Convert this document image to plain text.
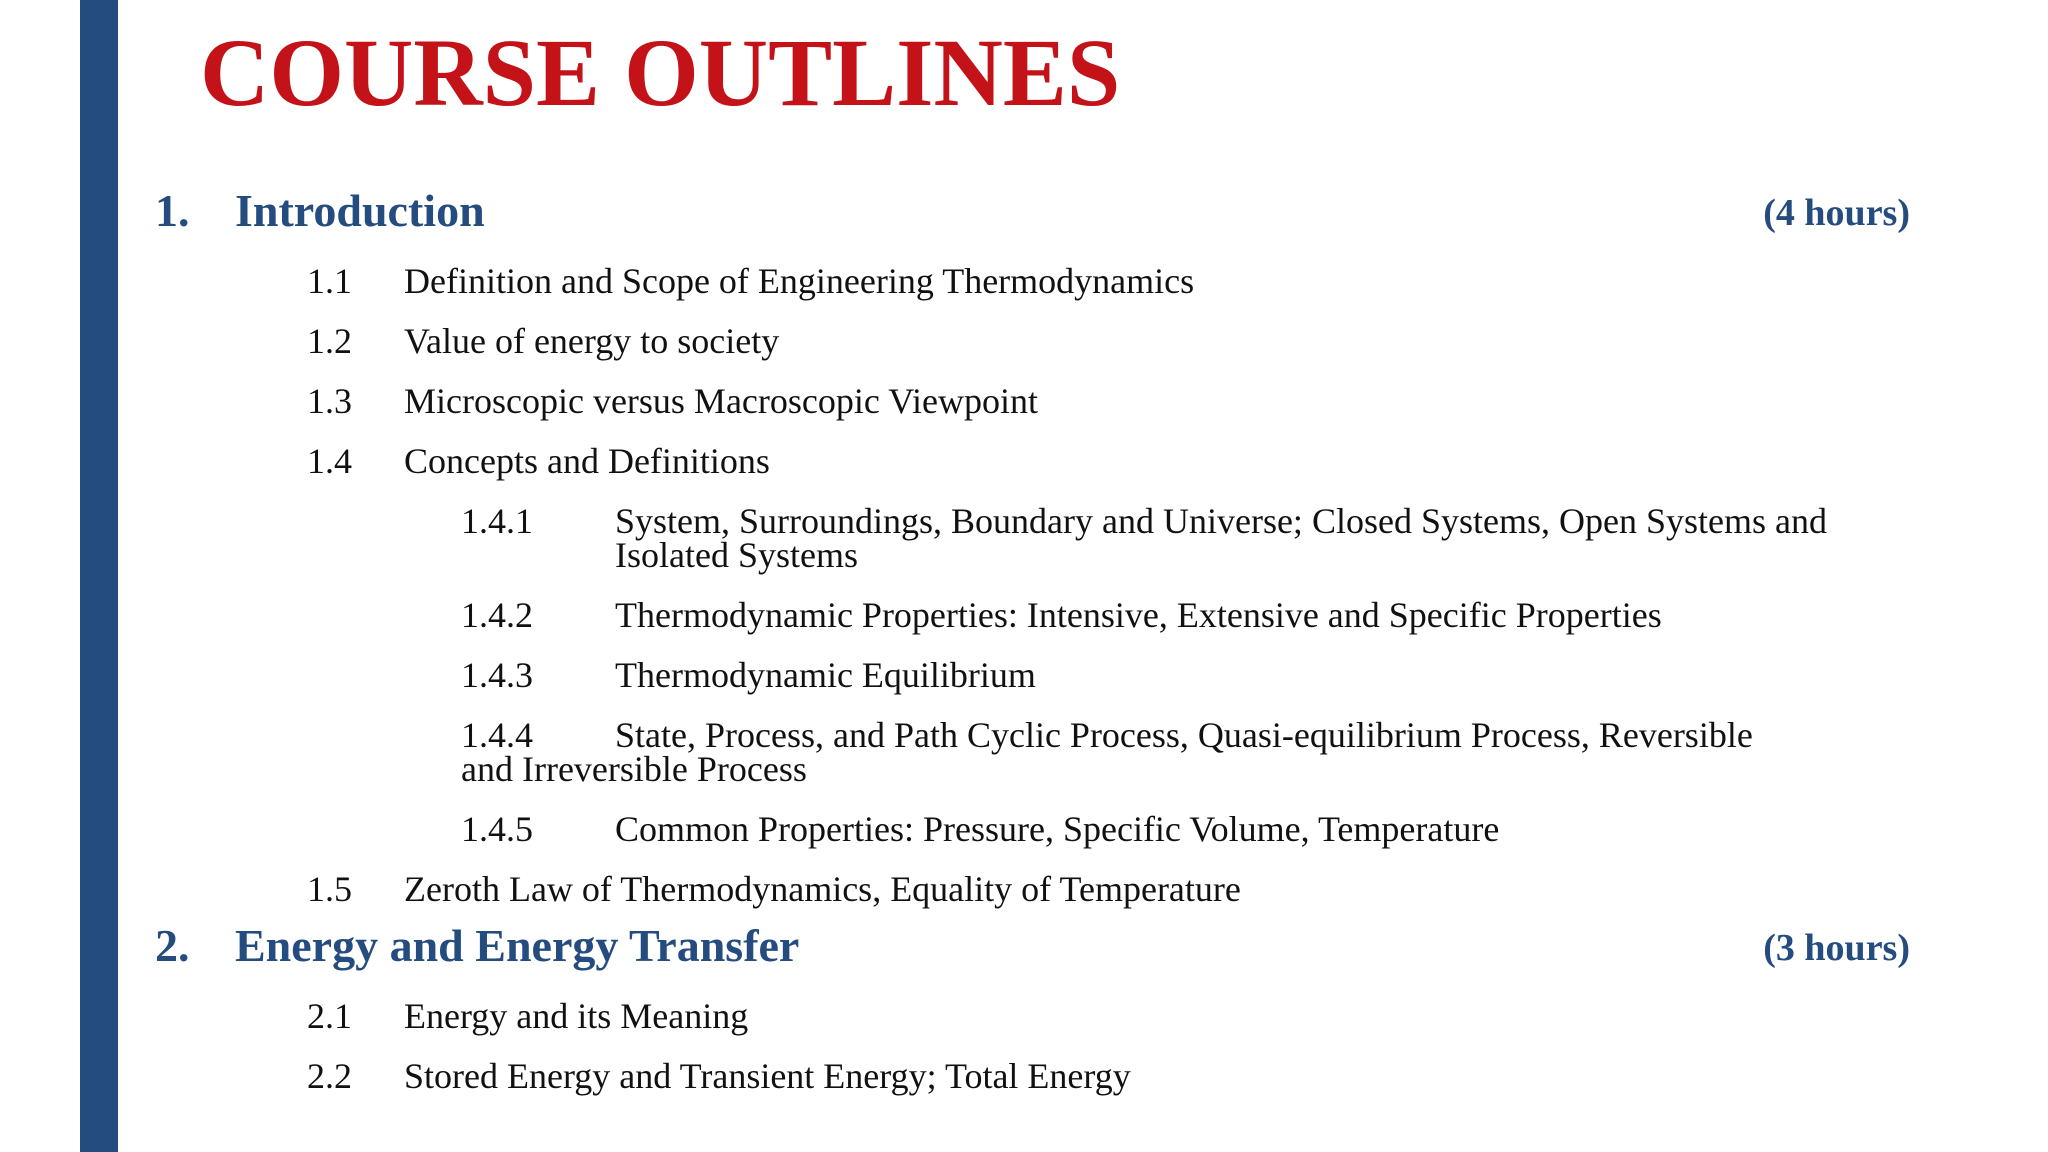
COURSE OUTLINES
1. Introduction	(4 hours)
1.1 Definition and Scope of Engineering Thermodynamics
1.2 Value of energy to society
1.3 Microscopic versus Macroscopic Viewpoint
1.4 Concepts and Definitions
1.4.1 System, Surroundings, Boundary and Universe; Closed Systems, Open Systems and
Isolated Systems
1.4.2 Thermodynamic Properties: Intensive, Extensive and Specific Properties
1.4.3 Thermodynamic Equilibrium
1.4.4 State, Process, and Path Cyclic Process, Quasi-equilibrium Process, Reversible
and Irreversible Process
1.4.5 Common Properties: Pressure, Specific Volume, Temperature
1.5 Zeroth Law of Thermodynamics, Equality of Temperature
2. Energy and Energy Transfer	(3 hours)
2.1 Energy and its Meaning
2.2 Stored Energy and Transient Energy; Total Energy
